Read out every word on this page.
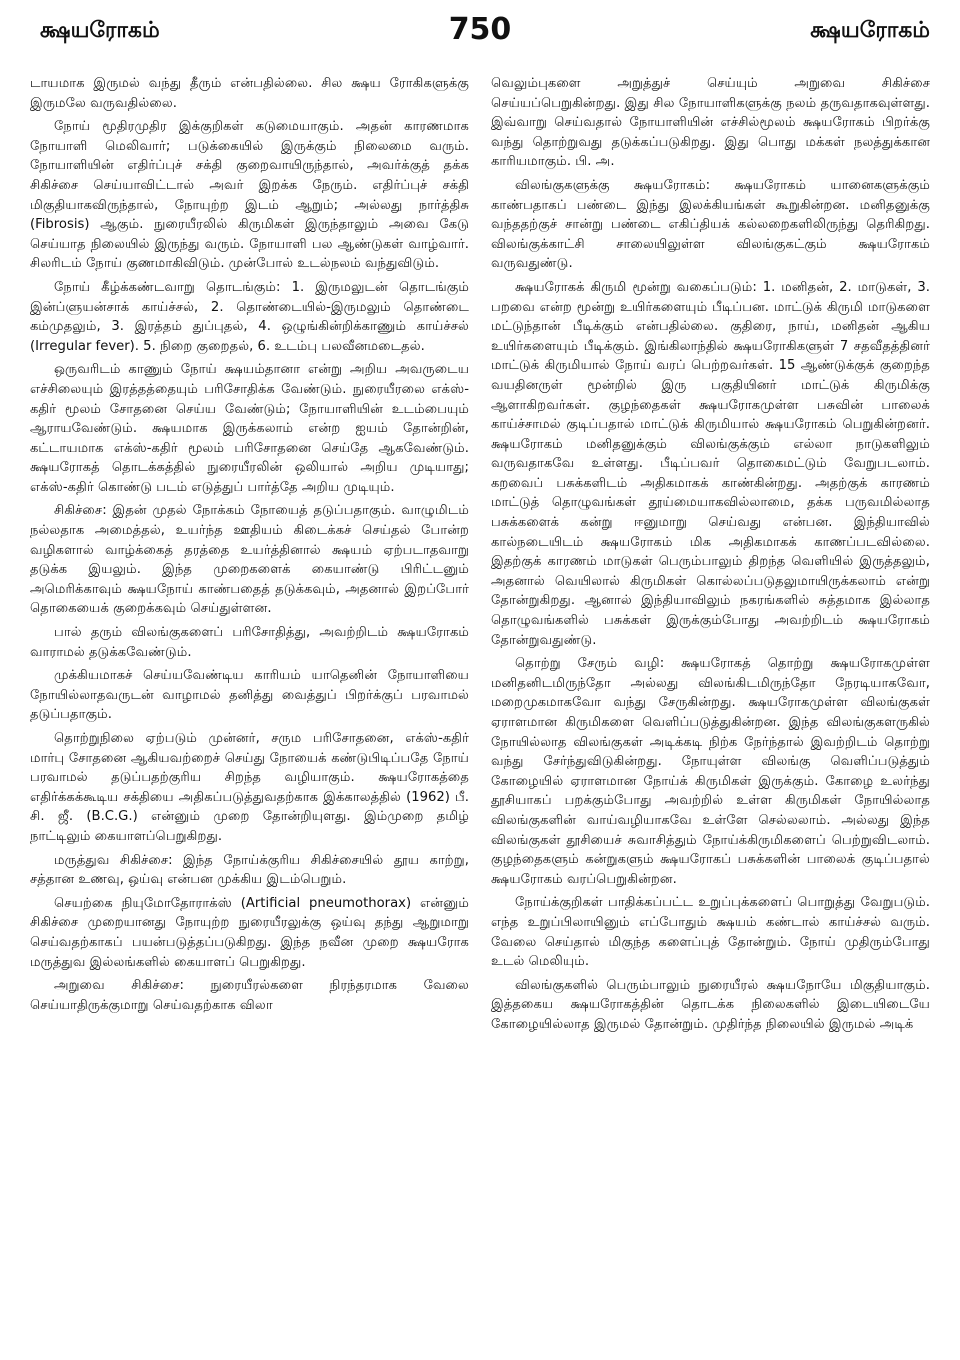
க்ஷயரோகம்	750	க்ஷயரோகம்

டாயமாக இருமல் வந்து தீரும் என்பதில்லை. சில க்ஷய ரோகிகளுக்கு இருமலே வருவதில்லை.

நோய் மூதிரமுதிர இக்குறிகள் கடுமையாகும். அதன் காரணமாக நோயாளி மெலிவார்; படுக்கையில் இருக்கும் நிலைமை வரும். நோயாளியின் எதிர்ப்புச் சக்தி குறைவாயிருந்தால், அவர்க்குத் தக்க சிகிச்சை செய்யாவிட்டால் அவர் இறக்க நேரும். எதிர்ப்புச் சக்தி மிகுதியாகவிருந்தால், நோயுற்ற இடம் ஆறும்; அல்லது நார்த்திசு (Fibrosis) ஆகும். நுரையீரலில் கிருமிகள் இருந்தாலும் அவை கேடு செய்யாத நிலையில் இருந்து வரும். நோயாளி பல ஆண்டுகள் வாழ்வார். சிலரிடம் நோய் குணமாகிவிடும். முன்போல் உடல்நலம் வந்துவிடும்.

நோய் கீழ்க்கண்டவாறு தொடங்கும்: 1. இருமலுடன் தொடங்கும் இன்ப்ளுயன்சாக் காய்ச்சல், 2. தொண்டையில்-இருமலும் தொண்டை கம்முதலும், 3. இரத்தம் துப்புதல், 4. ஒழுங்கின்றிக்காணும் காய்ச்சல் (Irregular fever). 5. நிறை குறைதல், 6. உடம்பு பலவீனமடைதல்.

ஒருவரிடம் காணும் நோய் க்ஷயம்தானா என்று அறிய அவருடைய எச்சிலையும் இரத்தத்தையும் பரிசோதிக்க வேண்டும். நுரையீரலை எக்ஸ்-கதிர் மூலம் சோதனை செய்ய வேண்டும்; நோயாளியின் உடம்பையும் ஆராயவேண்டும். க்ஷயமாக இருக்கலாம் என்ற ஐயம் தோன்றின், கட்டாயமாக எக்ஸ்-கதிர் மூலம் பரிசோதனை செய்தே ஆகவேண்டும். க்ஷயரோகத் தொடக்கத்தில் நுரையீரலின் ஒலியால் அறிய முடியாது; எக்ஸ்-கதிர் கொண்டு படம் எடுத்துப் பார்த்தே அறிய முடியும்.

சிகிச்சை: இதன் முதல் நோக்கம் நோயைத் தடுப்பதாகும். வாழுமிடம் நல்லதாக அமைத்தல், உயர்ந்த ஊதியம் கிடைக்கச் செய்தல் போன்ற வழிகளால் வாழ்க்கைத் தரத்தை உயர்த்தினால் க்ஷயம் ஏற்படாதவாறு தடுக்க இயலும். இந்த முறைகளைக் கையாண்டு பிரிட்டனும் அமெரிக்காவும் க்ஷயநோய் காண்பதைத் தடுக்கவும், அதனால் இறப்போர் தொகையைக் குறைக்கவும் செய்துள்ளன.

பால் தரும் விலங்குகளைப் பரிசோதித்து, அவற்றிடம் க்ஷயரோகம் வாராமல் தடுக்கவேண்டும்.

முக்கியமாகச் செய்யவேண்டிய காரியம் யாதெனின் நோயாளியை நோயில்லாதவருடன் வாழாமல் தனித்து வைத்துப் பிறர்க்குப் பரவாமல் தடுப்பதாகும்.

தொற்றுநிலை ஏற்படும் முன்னர், சரும பரிசோதனை, எக்ஸ்-கதிர் மார்பு சோதனை ஆகியவற்றைச் செய்து நோயைக் கண்டுபிடிப்பதே நோய் பரவாமல் தடுப்பதற்குரிய சிறந்த வழியாகும். க்ஷயரோகத்தை எதிர்க்கக்கூடிய சக்தியை அதிகப்படுத்துவதற்காக இக்காலத்தில் (1962) பீ. சி. ஜீ. (B.C.G.) என்னும் முறை தோன்றியுளது. இம்முறை தமிழ் நாட்டிலும் கையாளப்பெறுகிறது.

மருத்துவ சிகிச்சை: இந்த நோய்க்குரிய சிகிச்சையில் தூய காற்று, சத்தான உணவு, ஒய்வு என்பன முக்கிய இடம்பெறும்.

செயற்கை நியுமோதோராக்ஸ் (Artificial pneumothorax) என்னும் சிகிச்சை முறையானது நோயுற்ற நுரையீரலுக்கு ஒய்வு தந்து ஆறுமாறு செய்வதற்காகப் பயன்படுத்தப்படுகிறது. இந்த நவீன முறை க்ஷயரோக மருத்துவ இல்லங்களில் கையாளப் பெறுகிறது.

அறுவை சிகிச்சை: நுரையீரல்களை நிரந்தரமாக வேலை செய்யாதிருக்குமாறு செய்வதற்காக விலா

வெலும்புகளை அறுத்துச் செய்யும் அறுவை சிகிச்சை செய்யப்பெறுகின்றது. இது சில நோயாளிகளுக்கு நலம் தருவதாகவுள்ளது. இவ்வாறு செய்வதால் நோயாளியின் எச்சில்மூலம் க்ஷயரோகம் பிறர்க்கு வந்து தொற்றுவது தடுக்கப்படுகிறது. இது பொது மக்கள் நலத்துக்கான காரியமாகும். பி. அ.

விலங்குகளுக்கு க்ஷயரோகம்: க்ஷயரோகம் யானைகளுக்கும் காண்பதாகப் பண்டை இந்து இலக்கியங்கள் கூறுகின்றன. மனிதனுக்கு வந்ததற்குச் சான்று பண்டை எகிப்தியக் கல்லறைகளிலிருந்து தெரிகிறது. விலங்குக்காட்சி சாலையிலுள்ள விலங்குகட்கும் க்ஷயரோகம் வருவதுண்டு.

க்ஷயரோகக் கிருமி மூன்று வகைப்படும்: 1. மனிதன், 2. மாடுகள், 3. பறவை என்ற மூன்று உயிர்களையும் பீடிப்பன. மாட்டுக் கிருமி மாடுகளை மட்டுந்தான் பீடிக்கும் என்பதில்லை. குதிரை, நாய், மனிதன் ஆகிய உயிர்களையும் பீடிக்கும். இங்கிலாந்தில் க்ஷயரோகிகளுள் 7 சதவீதத்தினர் மாட்டுக் கிருமியால் நோய் வரப் பெற்றவர்கள். 15 ஆண்டுக்குக் குறைந்த வயதினருள் மூன்றில் இரு பகுதியினர் மாட்டுக் கிருமிக்கு ஆளாகிறவர்கள். குழந்தைகள் க்ஷயரோகமுள்ள பசுவின் பாலைக் காய்ச்சாமல் குடிப்பதால் மாட்டுக் கிருமியால் க்ஷயரோகம் பெறுகின்றனர். க்ஷயரோகம் மனிதனுக்கும் விலங்குக்கும் எல்லா நாடுகளிலும் வருவதாகவே உள்ளது. பீடிப்பவர் தொகைமட்டும் வேறுபடலாம். கறவைப் பசுக்களிடம் அதிகமாகக் காண்கின்றது. அதற்குக் காரணம் மாட்டுத் தொழுவங்கள் தூய்மையாகவில்லாமை, தக்க பருவமில்லாத பசுக்களைக் கன்று ஈனுமாறு செய்வது என்பன. இந்தியாவில் கால்நடையிடம் க்ஷயரோகம் மிக அதிகமாகக் காணப்படவில்லை. இதற்குக் காரணம் மாடுகள் பெரும்பாலும் திறந்த வெளியில் இருத்தலும், அதனால் வெயிலால் கிருமிகள் கொல்லப்படுதலுமாயிருக்கலாம் என்று தோன்றுகிறது. ஆனால் இந்தியாவிலும் நகரங்களில் சுத்தமாக இல்லாத தொழுவங்களில் பசுக்கள் இருக்கும்போது அவற்றிடம் க்ஷயரோகம் தோன்றுவதுண்டு.

தொற்று சேரும் வழி: க்ஷயரோகத் தொற்று க்ஷயரோகமுள்ள மனிதனிடமிருந்தோ அல்லது விலங்கிடமிருந்தோ நேரடியாகவோ, மறைமுகமாகவோ வந்து சேருகின்றது. க்ஷயரோகமுள்ள விலங்குகள் ஏராளமான கிருமிகளை வெளிப்படுத்துகின்றன. இந்த விலங்குகளருகில் நோயில்லாத விலங்குகள் அடிக்கடி நிற்க நேர்ந்தால் இவற்றிடம் தொற்று வந்து சேர்ந்துவிடுகின்றது. நோயுள்ள விலங்கு வெளிப்படுத்தும் கோழையில் ஏராளமான நோய்க் கிருமிகள் இருக்கும். கோழை உலர்ந்து தூசியாகப் பறக்கும்போது அவற்றில் உள்ள கிருமிகள் நோயில்லாத விலங்குகளின் வாய்வழியாகவே உள்ளே செல்லலாம். அல்லது இந்த விலங்குகள் தூசியைச் சுவாசித்தும் நோய்க்கிருமிகளைப் பெற்றுவிடலாம். குழந்தைகளும் கன்றுகளும் க்ஷயரோகப் பசுக்களின் பாலைக் குடிப்பதால் க்ஷயரோகம் வரப்பெறுகின்றன.

நோய்க்குறிகள் பாதிக்கப்பட்ட உறுப்புக்களைப் பொறுத்து வேறுபடும். எந்த உறுப்பிலாயினும் எப்போதும் க்ஷயம் கண்டால் காய்ச்சல் வரும். வேலை செய்தால் மிகுந்த களைப்புத் தோன்றும். நோய் முதிரும்போது உடல் மெலியும்.

விலங்குகளில் பெரும்பாலும் நுரையீரல் க்ஷயநோயே மிகுதியாகும். இத்தகைய க்ஷயரோகத்தின் தொடக்க நிலைகளில் இடையிடையே கோழையில்லாத இருமல் தோன்றும். முதிர்ந்த நிலையில் இருமல் அடிக்
